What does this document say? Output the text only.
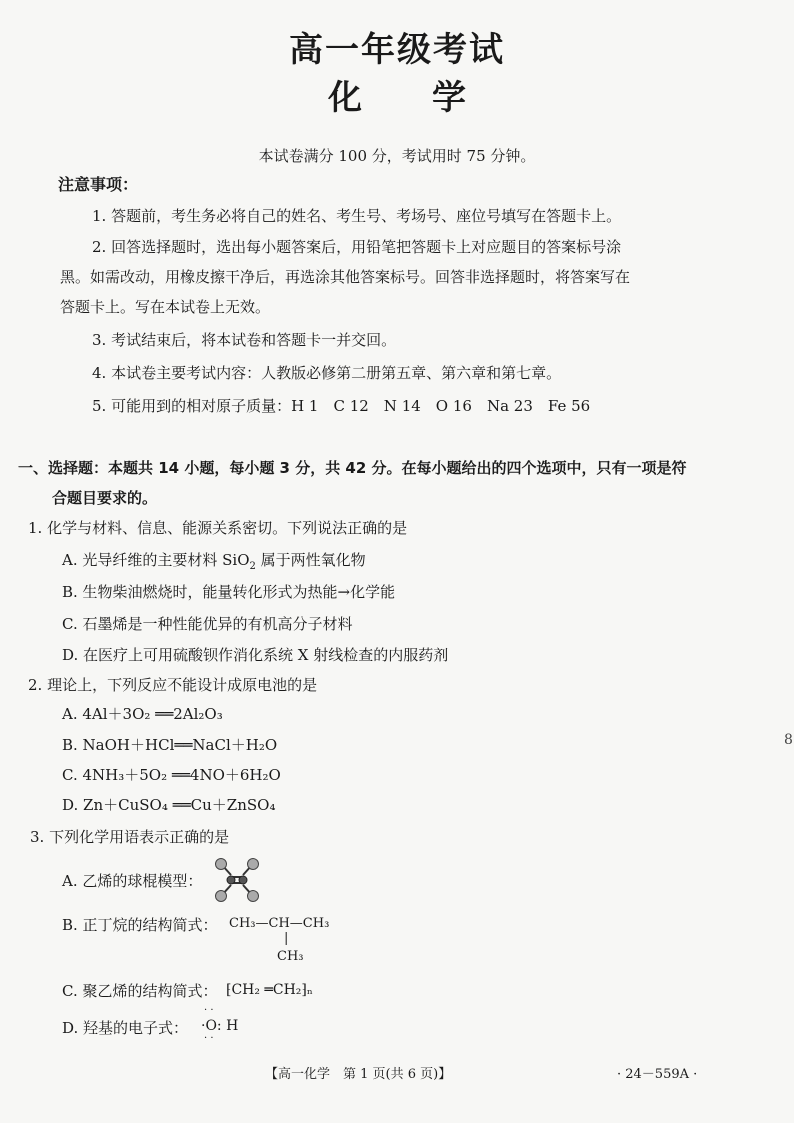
高一年级考试
化学
本试卷满分 100 分，考试用时 75 分钟。
注意事项：
1. 答题前，考生务必将自己的姓名、考生号、考场号、座位号填写在答题卡上。
2. 回答选择题时，选出每小题答案后，用铅笔把答题卡上对应题目的答案标号涂
黑。如需改动，用橡皮擦干净后，再选涂其他答案标号。回答非选择题时，将答案写在
答题卡上。写在本试卷上无效。
3. 考试结束后，将本试卷和答题卡一并交回。
4. 本试卷主要考试内容：人教版必修第二册第五章、第六章和第七章。
5. 可能用到的相对原子质量：H 1　C 12　N 14　O 16　Na 23　Fe 56
一、选择题：本题共 14 小题，每小题 3 分，共 42 分。在每小题给出的四个选项中，只有一项是符
合题目要求的。
1. 化学与材料、信息、能源关系密切。下列说法正确的是
A. 光导纤维的主要材料 SiO$_2$ 属于两性氧化物
B. 生物柴油燃烧时，能量转化形式为热能→化学能
C. 石墨烯是一种性能优异的有机高分子材料
D. 在医疗上可用硫酸钡作消化系统 X 射线检查的内服药剂
2. 理论上，下列反应不能设计成原电池的是
A. 4Al＋3O₂ ══2Al₂O₃
B. NaOH＋HCl══NaCl＋H₂O
C. 4NH₃＋5O₂ ══4NO＋6H₂O
D. Zn＋CuSO₄ ══Cu＋ZnSO₄
3. 下列化学用语表示正确的是
A. 乙烯的球棍模型：
B. 正丁烷的结构简式： CH₃—CH—CH₃
|
CH₃
C. 聚乙烯的结构简式： ⁅CH₂ ═CH₂⁆ₙ
D. 羟基的电子式：
· ·
·O: H
· ·
【高一化学　第 1 页(共 6 页)】	· 24－559A ·
8
